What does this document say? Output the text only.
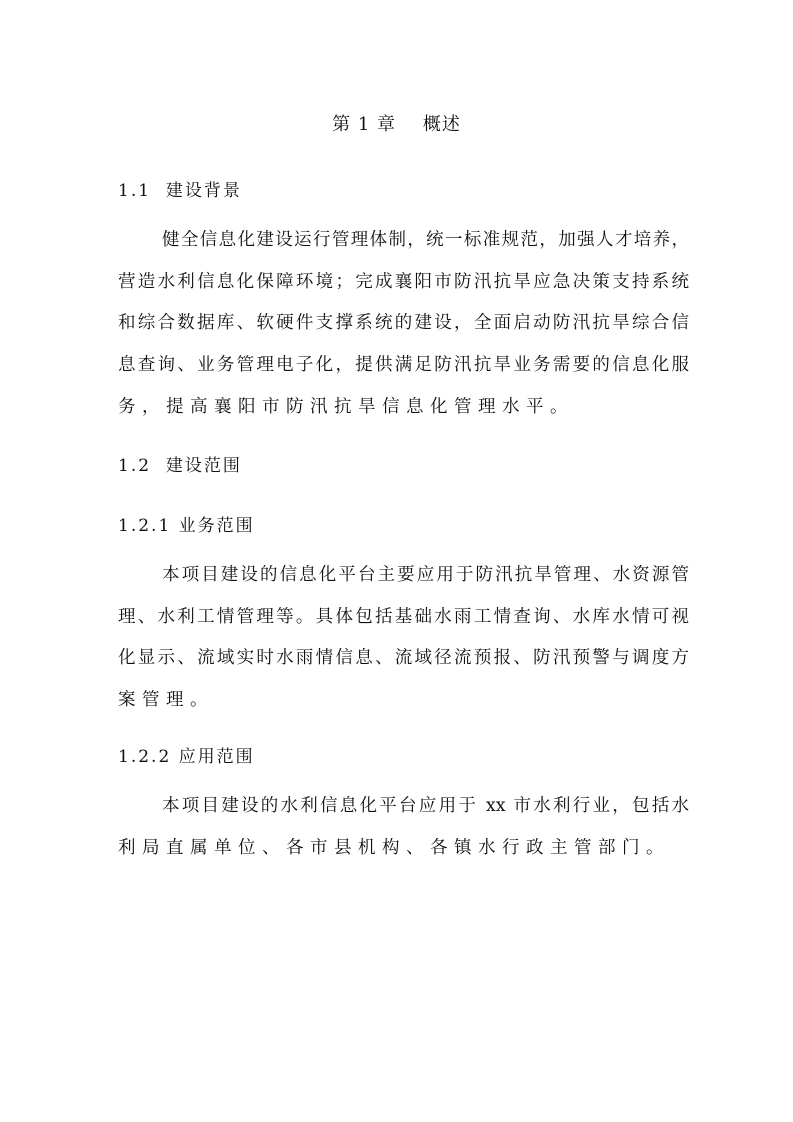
第 1 章    概述
1.1  建设背景
健全信息化建设运行管理体制，统一标准规范，加强人才培养，
营造水利信息化保障环境；完成襄阳市防汛抗旱应急决策支持系统
和综合数据库、软硬件支撑系统的建设，全面启动防汛抗旱综合信
息查询、业务管理电子化，提供满足防汛抗旱业务需要的信息化服
务，提高襄阳市防汛抗旱信息化管理水平。
1.2  建设范围
1.2.1 业务范围
本项目建设的信息化平台主要应用于防汛抗旱管理、水资源管
理、水利工情管理等。具体包括基础水雨工情查询、水库水情可视
化显示、流域实时水雨情信息、流域径流预报、防汛预警与调度方
案管理。
1.2.2 应用范围
本项目建设的水利信息化平台应用于 xx 市水利行业，包括水
利局直属单位、各市县机构、各镇水行政主管部门。
